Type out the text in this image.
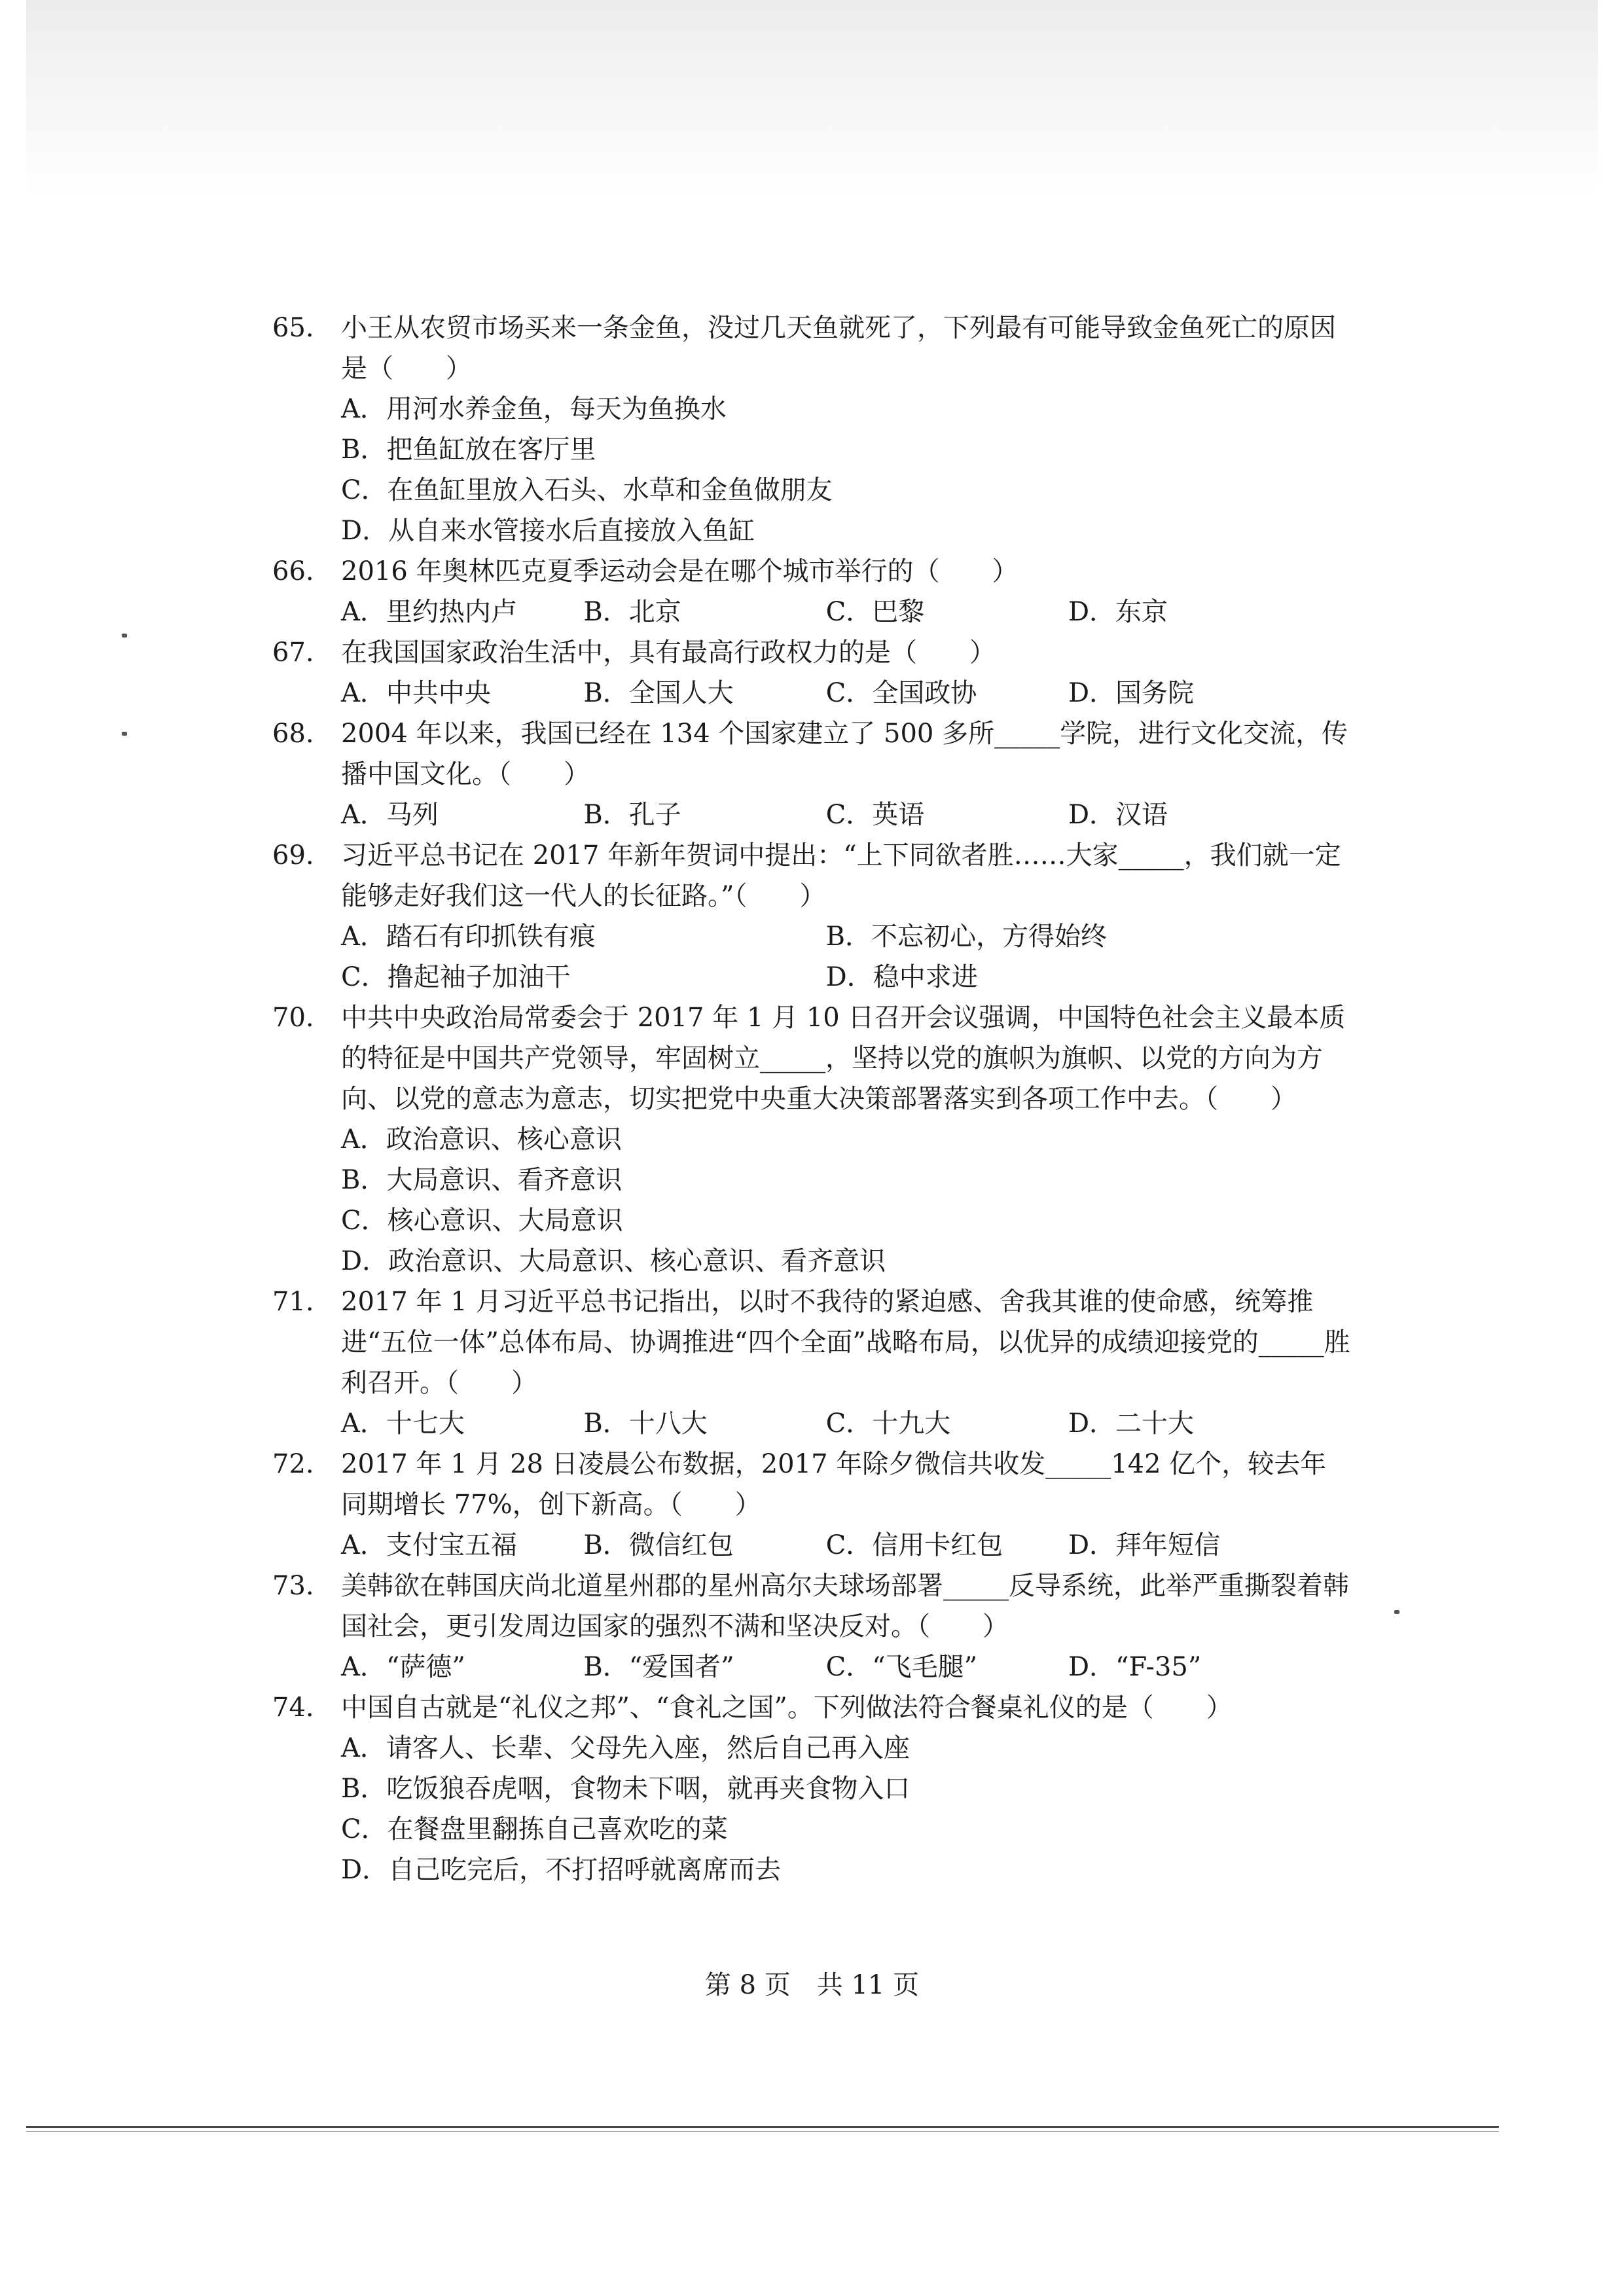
65.	小王从农贸市场买来一条金鱼，没过几天鱼就死了，下列最有可能导致金鱼死亡的原因是（　　）
A．用河水养金鱼，每天为鱼换水
B．把鱼缸放在客厅里
C．在鱼缸里放入石头、水草和金鱼做朋友
D．从自来水管接水后直接放入鱼缸
66.	2016 年奥林匹克夏季运动会是在哪个城市举行的（　　）
A．里约热内卢	B．北京	C．巴黎	D．东京
67.	在我国国家政治生活中，具有最高行政权力的是（　　）
A．中共中央	B．全国人大	C．全国政协	D．国务院
68.	2004 年以来，我国已经在 134 个国家建立了 500 多所_____学院，进行文化交流，传播中国文化。（　　）
A．马列	B．孔子	C．英语	D．汉语
69.	习近平总书记在 2017 年新年贺词中提出：“上下同欲者胜……大家_____，我们就一定能够走好我们这一代人的长征路。”（　　）
A．踏石有印抓铁有痕	B．不忘初心，方得始终
C．撸起袖子加油干	D．稳中求进
70.	中共中央政治局常委会于 2017 年 1 月 10 日召开会议强调，中国特色社会主义最本质的特征是中国共产党领导，牢固树立_____，坚持以党的旗帜为旗帜、以党的方向为方向、以党的意志为意志，切实把党中央重大决策部署落实到各项工作中去。（　　）
A．政治意识、核心意识
B．大局意识、看齐意识
C．核心意识、大局意识
D．政治意识、大局意识、核心意识、看齐意识
71.	2017 年 1 月习近平总书记指出，以时不我待的紧迫感、舍我其谁的使命感，统筹推进“五位一体”总体布局、协调推进“四个全面”战略布局，以优异的成绩迎接党的_____胜利召开。（　　）
A．十七大	B．十八大	C．十九大	D．二十大
72.	2017 年 1 月 28 日凌晨公布数据，2017 年除夕微信共收发_____142 亿个，较去年同期增长 77%，创下新高。（　　）
A．支付宝五福	B．微信红包	C．信用卡红包	D．拜年短信
73.	美韩欲在韩国庆尚北道星州郡的星州高尔夫球场部署_____反导系统，此举严重撕裂着韩国社会，更引发周边国家的强烈不满和坚决反对。（　　）
A．“萨德”	B．“爱国者”	C．“飞毛腿”	D．“F-35”
74.	中国自古就是“礼仪之邦”、“食礼之国”。下列做法符合餐桌礼仪的是（　　）
A．请客人、长辈、父母先入座，然后自己再入座
B．吃饭狼吞虎咽，食物未下咽，就再夹食物入口
C．在餐盘里翻拣自己喜欢吃的菜
D．自己吃完后，不打招呼就离席而去
第 8 页　共 11 页
